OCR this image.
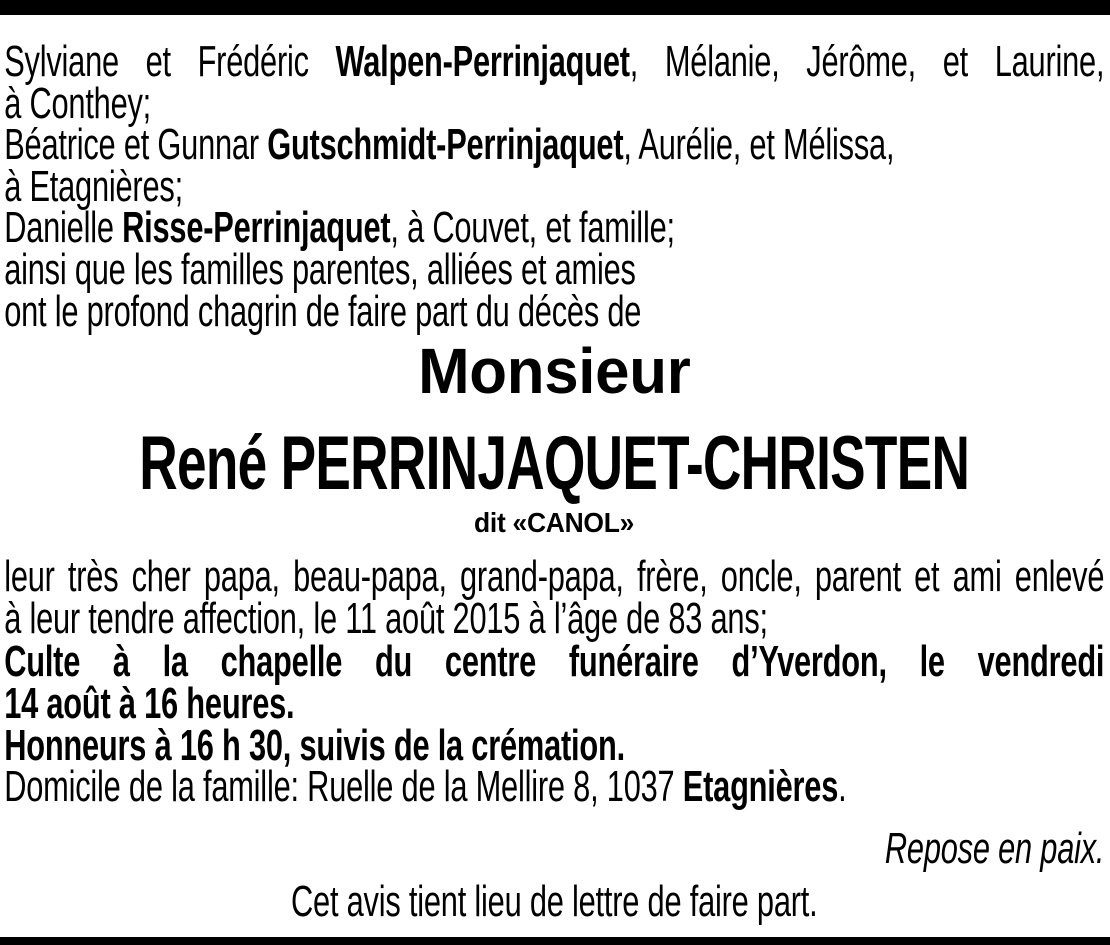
Sylviane et Frédéric Walpen-Perrinjaquet, Mélanie, Jérôme, et Laurine,
à Conthey;
Béatrice et Gunnar Gutschmidt-Perrinjaquet, Aurélie, et Mélissa,
à Etagnières;
Danielle Risse-Perrinjaquet, à Couvet, et famille;
ainsi que les familles parentes, alliées et amies
ont le profond chagrin de faire part du décès de
Monsieur
René PERRINJAQUET-CHRISTEN
dit «CANOL»
leur très cher papa, beau-papa, grand-papa, frère, oncle, parent et ami enlevé
à leur tendre affection, le 11 août 2015 à l’âge de 83 ans;
Culte à la chapelle du centre funéraire d’Yverdon, le vendredi
14 août à 16 heures.
Honneurs à 16 h 30, suivis de la crémation.
Domicile de la famille: Ruelle de la Mellire 8, 1037 Etagnières.
Repose en paix.
Cet avis tient lieu de lettre de faire part.
